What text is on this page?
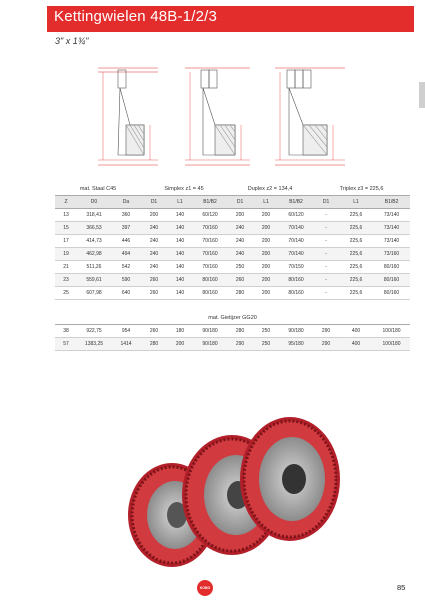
Kettingwielen 48B-1/2/3
3" x 1¾"
mat. Staal C45			Simplex z1 = 45			Duplex z2 = 134,4			Triplex z3 = 225,6		
Z	D0	Da	D1	L1	B1/B2	D1	L1	B1/B2	D1	L1	B1/B2
13	318,41	360	200	140	60/120	200	200	60/120	-	225,6	73/140
15	366,53	397	240	140	70/160	240	200	70/140	-	225,6	73/140
17	414,73	446	240	140	70/160	240	200	70/140	-	225,6	73/140
19	462,98	494	240	140	70/160	240	200	70/140	-	225,6	73/160
21	511,26	542	240	140	70/160	250	200	70/150	-	225,6	80/160
23	559,61	590	260	140	80/160	260	200	80/160	-	225,6	80/160
25	607,98	640	260	140	80/160	280	200	80/160	-	225,6	80/160

mat. Gietijzer GG20											
38	922,75	954	260	180	90/180	280	250	90/180	290	400	100/180
57	1383,25	1414	280	200	90/180	290	250	95/180	290	400	100/180
KOBO	85
